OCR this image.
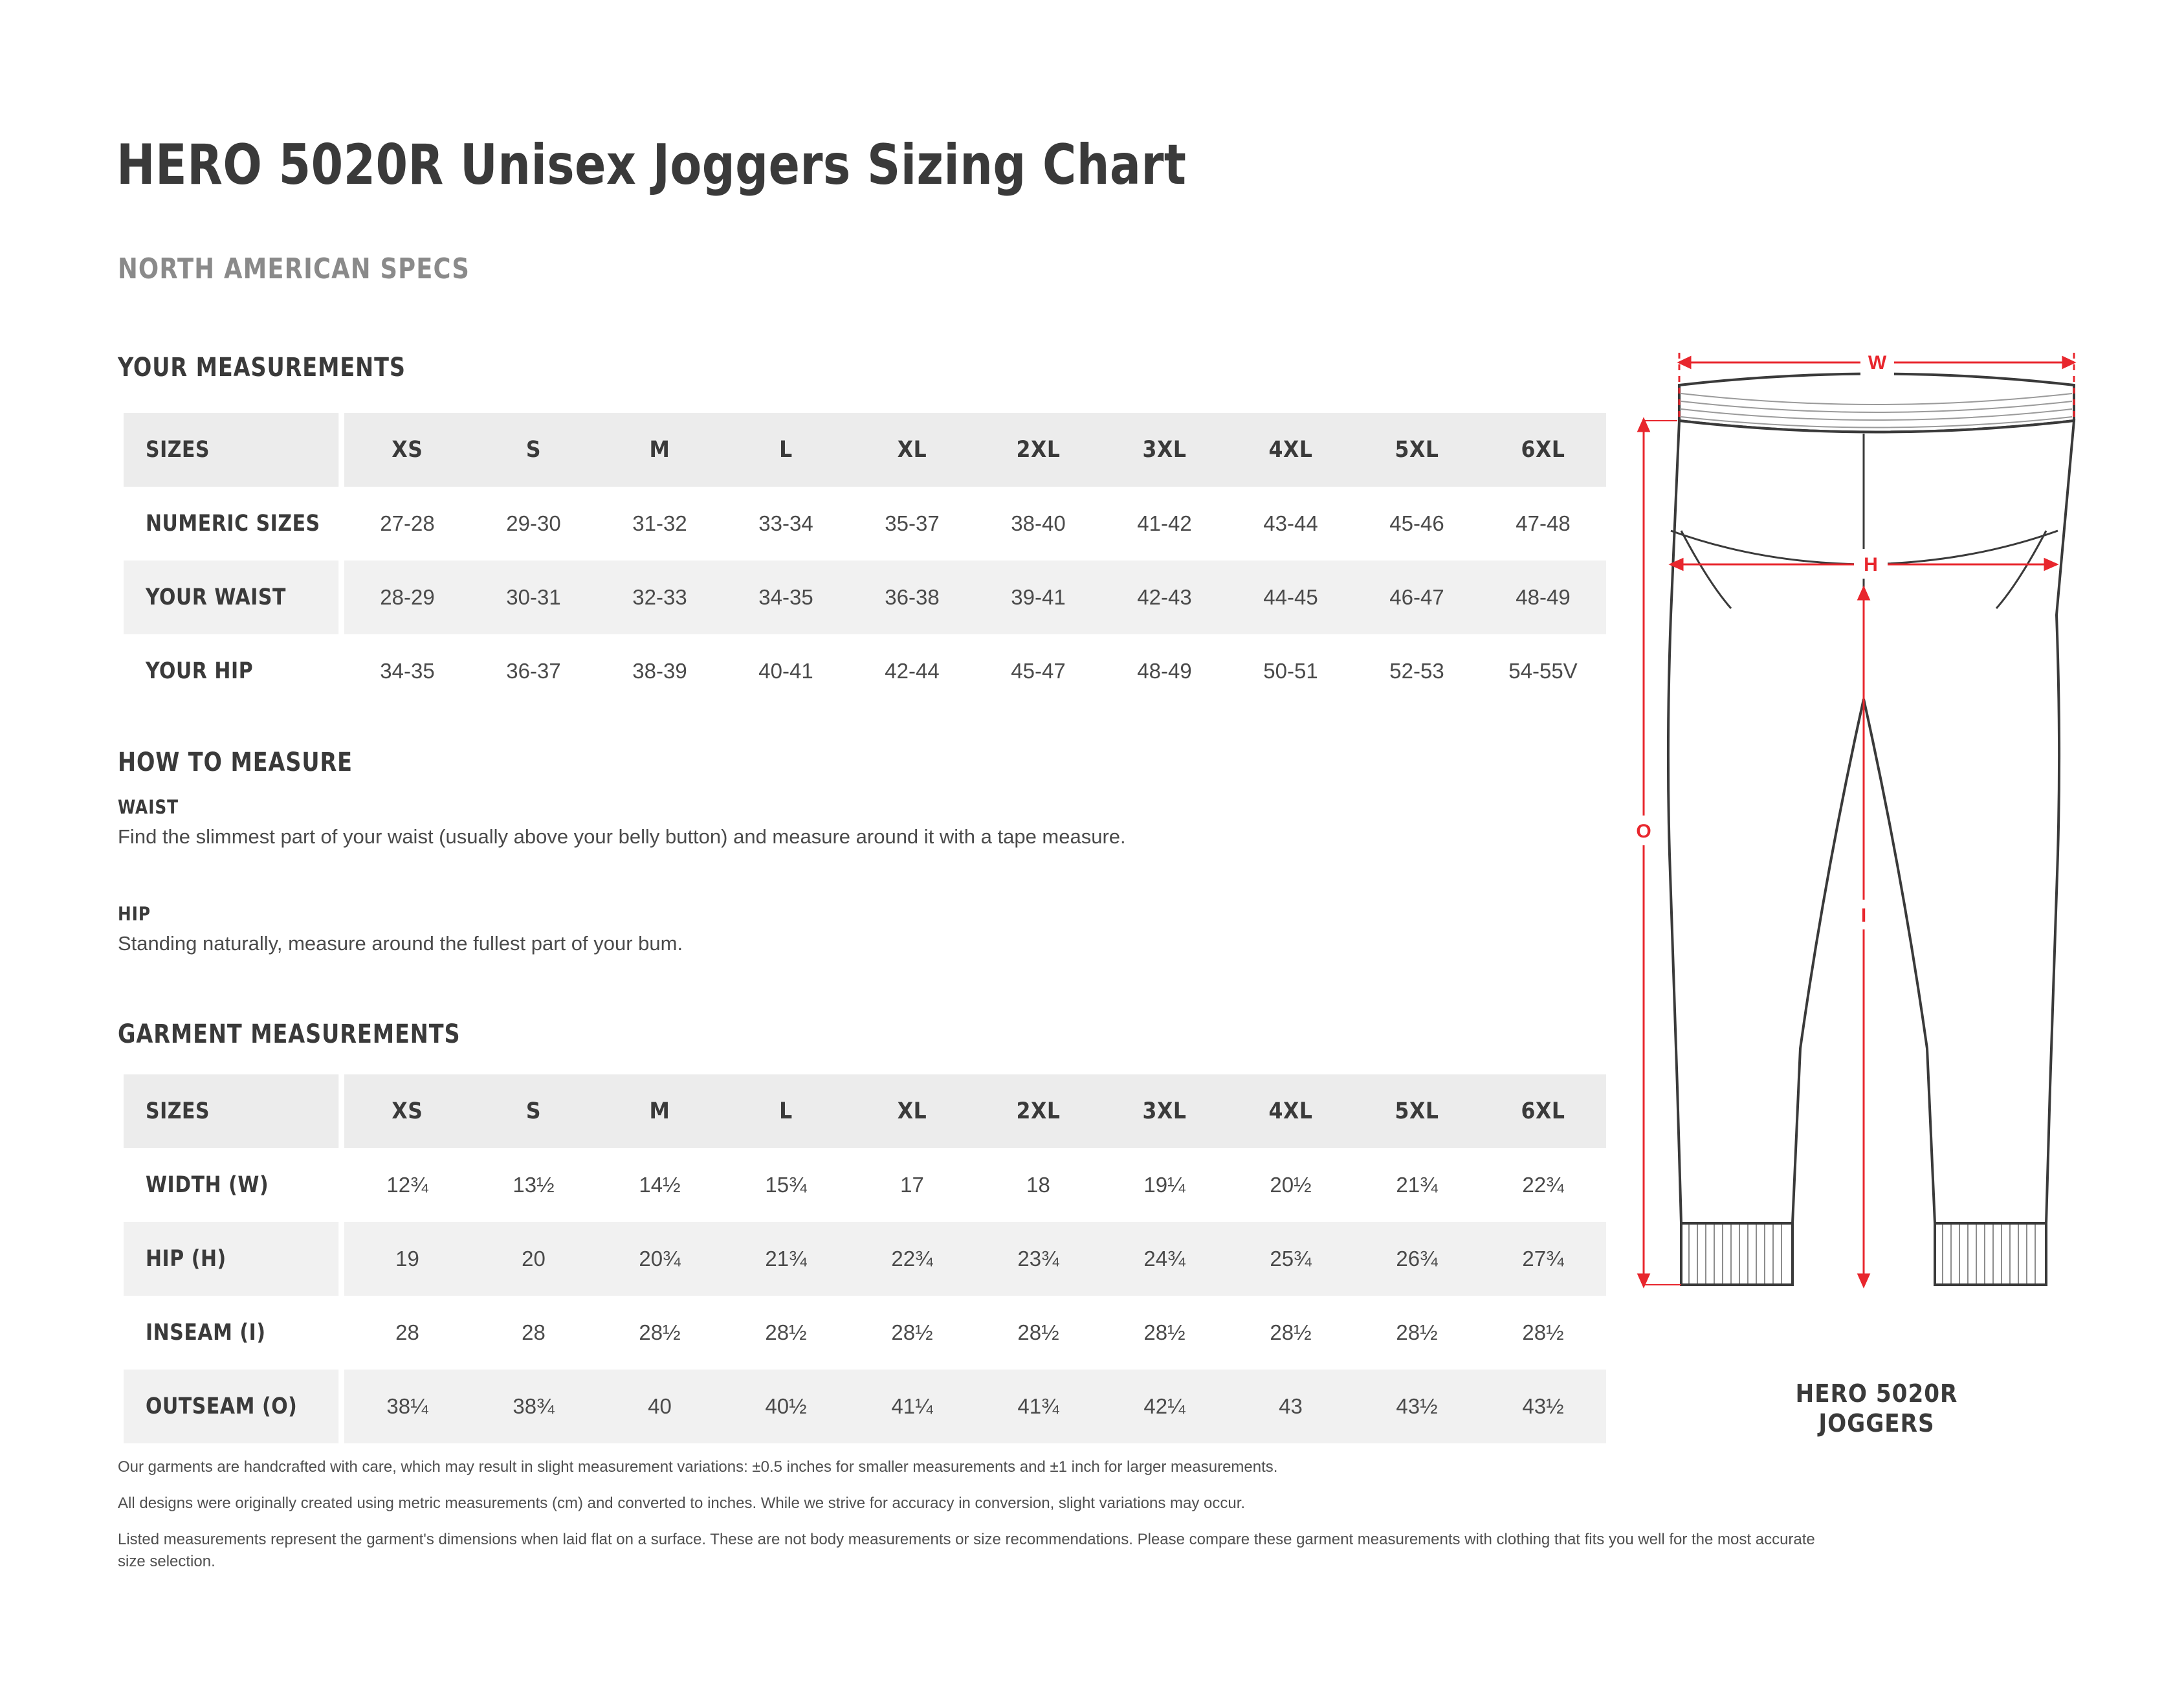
HERO 5020R Unisex Joggers Sizing Chart
NORTH AMERICAN SPECS
YOUR MEASUREMENTS
SIZES	XS	S	M	L	XL	2XL	3XL	4XL	5XL	6XL
NUMERIC SIZES	27-28	29-30	31-32	33-34	35-37	38-40	41-42	43-44	45-46	47-48
YOUR WAIST	28-29	30-31	32-33	34-35	36-38	39-41	42-43	44-45	46-47	48-49
YOUR HIP	34-35	36-37	38-39	40-41	42-44	45-47	48-49	50-51	52-53	54-55V
HOW TO MEASURE
WAIST
Find the slimmest part of your waist (usually above your belly button) and measure around it with a tape measure.
HIP
Standing naturally, measure around the fullest part of your bum.
GARMENT MEASUREMENTS
SIZES	XS	S	M	L	XL	2XL	3XL	4XL	5XL	6XL
WIDTH (W)	12¾	13½	14½	15¾	17	18	19¼	20½	21¾	22¾
HIP (H)	19	20	20¾	21¾	22¾	23¾	24¾	25¾	26¾	27¾
INSEAM (I)	28	28	28½	28½	28½	28½	28½	28½	28½	28½
OUTSEAM (O)	38¼	38¾	40	40½	41¼	41¾	42¼	43	43½	43½

Our garments are handcrafted with care, which may result in slight measurement variations: ±0.5 inches for smaller measurements and ±1 inch for larger measurements.

All designs were originally created using metric measurements (cm) and converted to inches. While we strive for accuracy in conversion, slight variations may occur.

Listed measurements represent the garment's dimensions when laid flat on a surface. These are not body measurements or size recommendations. Please compare these garment measurements with clothing that fits you well for the most accurate size selection.

W
H
O
I
HERO 5020R
JOGGERS
